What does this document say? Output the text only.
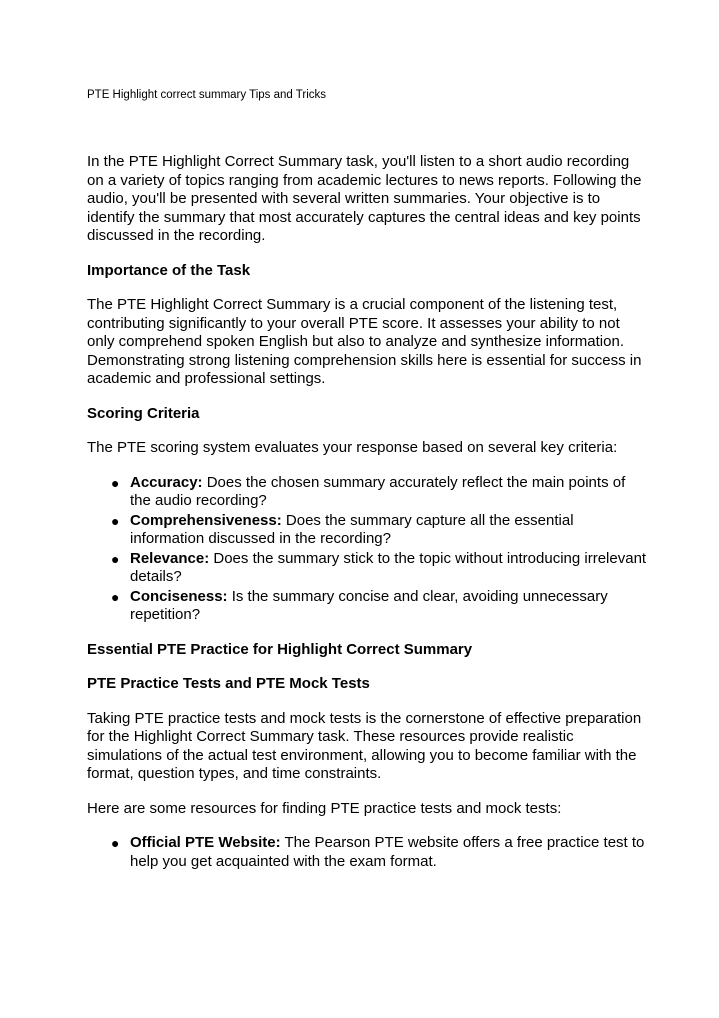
PTE Highlight correct summary Tips and Tricks

In the PTE Highlight Correct Summary task, you'll listen to a short audio recording on a variety of topics ranging from academic lectures to news reports. Following the audio, you'll be presented with several written summaries. Your objective is to identify the summary that most accurately captures the central ideas and key points discussed in the recording.

Importance of the Task

The PTE Highlight Correct Summary is a crucial component of the listening test, contributing significantly to your overall PTE score. It assesses your ability to not only comprehend spoken English but also to analyze and synthesize information. Demonstrating strong listening comprehension skills here is essential for success in academic and professional settings.

Scoring Criteria

The PTE scoring system evaluates your response based on several key criteria:

● Accuracy: Does the chosen summary accurately reflect the main points of the audio recording?
● Comprehensiveness: Does the summary capture all the essential information discussed in the recording?
● Relevance: Does the summary stick to the topic without introducing irrelevant details?
● Conciseness: Is the summary concise and clear, avoiding unnecessary repetition?
Essential PTE Practice for Highlight Correct Summary
PTE Practice Tests and PTE Mock Tests

Taking PTE practice tests and mock tests is the cornerstone of effective preparation for the Highlight Correct Summary task. These resources provide realistic simulations of the actual test environment, allowing you to become familiar with the format, question types, and time constraints.

Here are some resources for finding PTE practice tests and mock tests:

● Official PTE Website: The Pearson PTE website offers a free practice test to help you get acquainted with the exam format.
